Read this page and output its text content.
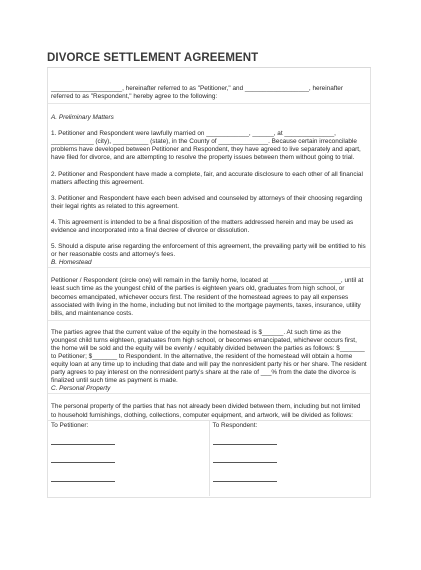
DIVORCE SETTLEMENT AGREEMENT

____________________, hereinafter referred to as "Petitioner," and __________________, hereinafter referred to as "Respondent," hereby agree to the following:

A. Preliminary Matters

1. Petitioner and Respondent were lawfully married on ____________, ______, at ______________, ____________ (city), __________ (state), in the County of ______________. Because certain irreconcilable problems have developed between Petitioner and Respondent, they have agreed to live separately and apart, have filed for divorce, and are attempting to resolve the property issues between them without going to trial.

2. Petitioner and Respondent have made a complete, fair, and accurate disclosure to each other of all financial matters affecting this agreement.

3. Petitioner and Respondent have each been advised and counseled by attorneys of their choosing regarding their legal rights as related to this agreement.

4. This agreement is intended to be a final disposition of the matters addressed herein and may be used as evidence and incorporated into a final decree of divorce or dissolution.

5. Should a dispute arise regarding the enforcement of this agreement, the prevailing party will be entitled to his or her reasonable costs and attorney's fees.

B. Homestead

Petitioner / Respondent (circle one) will remain in the family home, located at ____________________, until at least such time as the youngest child of the parties is eighteen years old, graduates from high school, or becomes emancipated, whichever occurs first. The resident of the homestead agrees to pay all expenses associated with living in the home, including but not limited to the mortgage payments, taxes, insurance, utility bills, and maintenance costs.

The parties agree that the current value of the equity in the homestead is $______. At such time as the youngest child turns eighteen, graduates from high school, or becomes emancipated, whichever occurs first, the home will be sold and the equity will be evenly / equitably divided between the parties as follows: $_______ to Petitioner; $_______ to Respondent. In the alternative, the resident of the homestead will obtain a home equity loan at any time up to including that date and will pay the nonresident party his or her share. The resident party agrees to pay interest on the nonresident party's share at the rate of ___% from the date the divorce is finalized until such time as payment is made.

C. Personal Property

The personal property of the parties that has not already been divided between them, including but not limited to household furnishings, clothing, collections, computer equipment, and artwork, will be divided as follows:

To Petitioner:	To Respondent:
